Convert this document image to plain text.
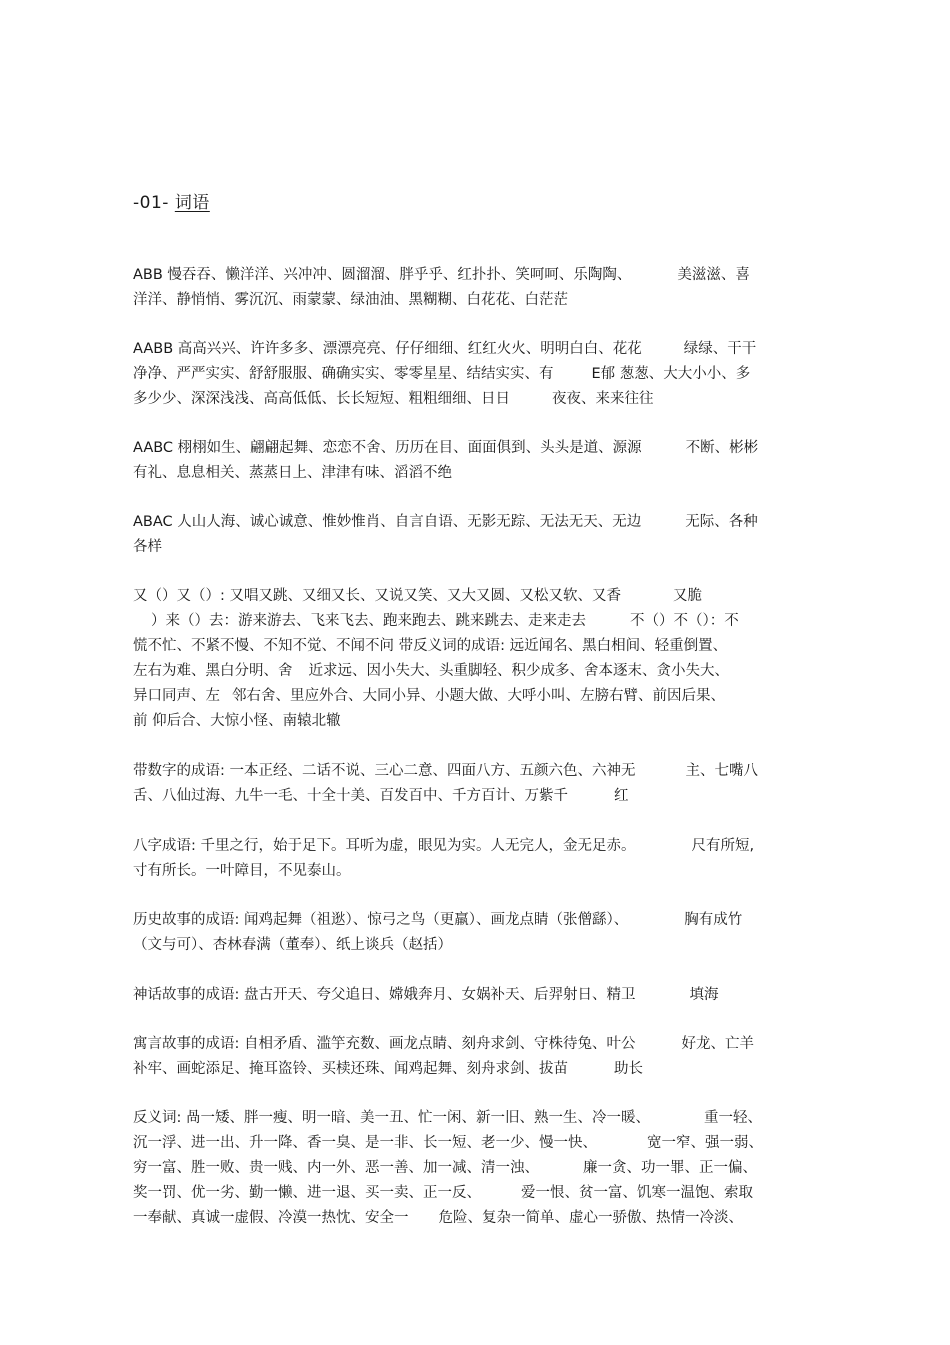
-01- 词语
ABB 慢吞吞、懒洋洋、兴冲冲、圆溜溜、胖乎乎、红扑扑、笑呵呵、乐陶陶、	美滋滋、喜
洋洋、静悄悄、雾沉沉、雨蒙蒙、绿油油、黑糊糊、白花花、白茫茫
AABB 高高兴兴、许许多多、漂漂亮亮、仔仔细细、红红火火、明明白白、花花	绿绿、干干
净净、严严实实、舒舒服服、确确实实、零零星星、结结实实、有	E郁 葱葱、大大小小、多
多少少、深深浅浅、高高低低、长长短短、粗粗细细、日日	夜夜、来来往往
AABC 栩栩如生、翩翩起舞、恋恋不舍、历历在目、面面俱到、头头是道、源源	不断、彬彬
有礼、息息相关、蒸蒸日上、津津有味、滔滔不绝
ABAC 人山人海、诚心诚意、惟妙惟肖、自言自语、无影无踪、无法无天、无边	无际、各种
各样
又（）又（）: 又唱又跳、又细又长、又说又笑、又大又圆、又松又软、又香	又脆
）来（）去：游来游去、飞来飞去、跑来跑去、跳来跳去、走来走去	不（）不（）：不
慌不忙、不紧不慢、不知不觉、不闻不问 带反义词的成语: 远近闻名、黑白相间、轻重倒置、
左右为难、黑白分明、舍 近求远、因小失大、头重脚轻、积少成多、舍本逐末、贪小失大、
异口同声、左 邻右舍、里应外合、大同小异、小题大做、大呼小叫、左膀右臂、前因后果、
前 仰后合、大惊小怪、南辕北辙
带数字的成语: 一本正经、二话不说、三心二意、四面八方、五颜六色、六神无	主、七嘴八
舌、八仙过海、九牛一毛、十全十美、百发百中、千方百计、万紫千	红
八字成语: 千里之行，始于足下。耳听为虚，眼见为实。人无完人，金无足赤。	尺有所短,
寸有所长。一叶障目，不见泰山。
历史故事的成语: 闻鸡起舞（祖逖）、惊弓之鸟（更羸）、画龙点睛（张僧繇）、	胸有成竹
（文与可）、杏林春满（董奉）、纸上谈兵（赵括）
神话故事的成语: 盘古开天、夸父追日、嫦娥奔月、女娲补天、后羿射日、精卫	填海
寓言故事的成语: 自相矛盾、滥竽充数、画龙点睛、刻舟求剑、守株待兔、叶公	好龙、亡羊
补牢、画蛇添足、掩耳盗铃、买椟还珠、闻鸡起舞、刻舟求剑、拔苗	助长
反义词: 咼一矮、胖一瘦、明一暗、美一丑、忙一闲、新一旧、熟一生、冷一暖、	重一轻、
沉一浮、进一出、升一降、香一臭、是一非、长一短、老一少、慢一快、	宽一窄、强一弱、
穷一富、胜一败、贵一贱、内一外、恶一善、加一减、清一浊、	廉一贪、功一罪、正一偏、
奖一罚、优一劣、勤一懒、进一退、买一卖、正一反、	爱一恨、贫一富、饥寒一温饱、索取
一奉献、真诚一虚假、冷漠一热忱、安全一 危险、复杂一简单、虚心一骄傲、热情一冷淡、
